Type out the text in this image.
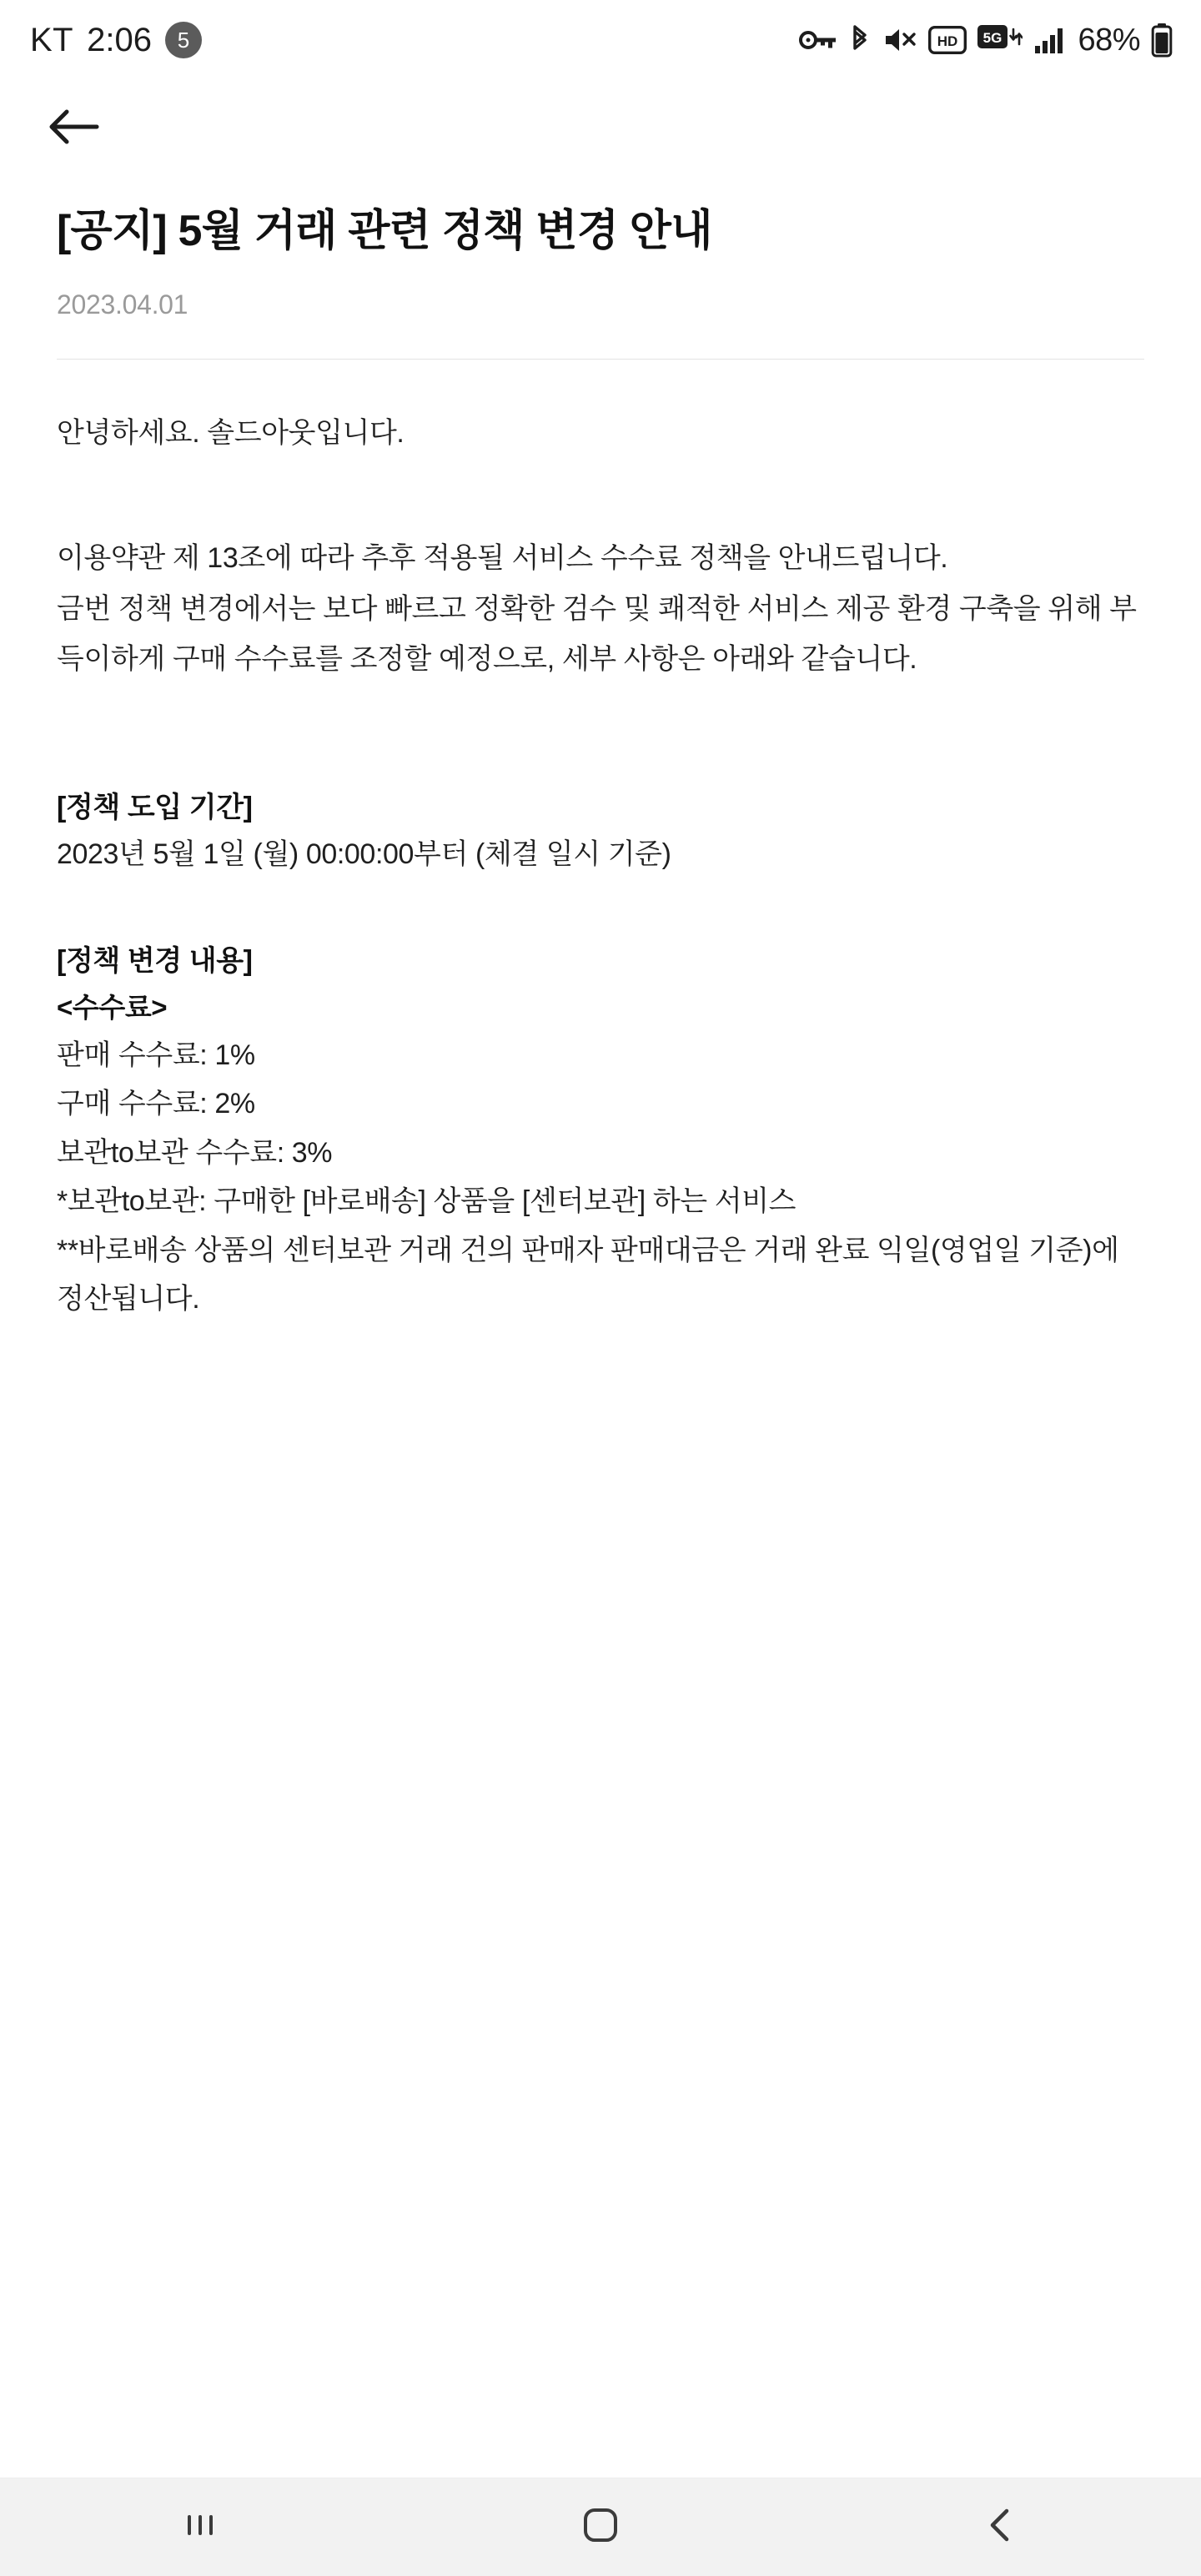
KT 2:06	5	HD 5G 68%
[공지] 5월 거래 관련 정책 변경 안내
2023.04.01

안녕하세요. 솔드아웃입니다.

이용약관 제 13조에 따라 추후 적용될 서비스 수수료 정책을 안내드립니다.

금번 정책 변경에서는 보다 빠르고 정확한 검수 및 쾌적한 서비스 제공 환경 구축을 위해 부득이하게 구매 수수료를 조정할 예정으로, 세부 사항은 아래와 같습니다.

[정책 도입 기간]

2023년 5월 1일 (월) 00:00:00부터 (체결 일시 기준)

[정책 변경 내용]

<수수료>

판매 수수료: 1%

구매 수수료: 2%

보관to보관 수수료: 3%

*보관to보관: 구매한 [바로배송] 상품을 [센터보관] 하는 서비스

**바로배송 상품의 센터보관 거래 건의 판매자 판매대금은 거래 완료 익일(영업일 기준)에 정산됩니다.
